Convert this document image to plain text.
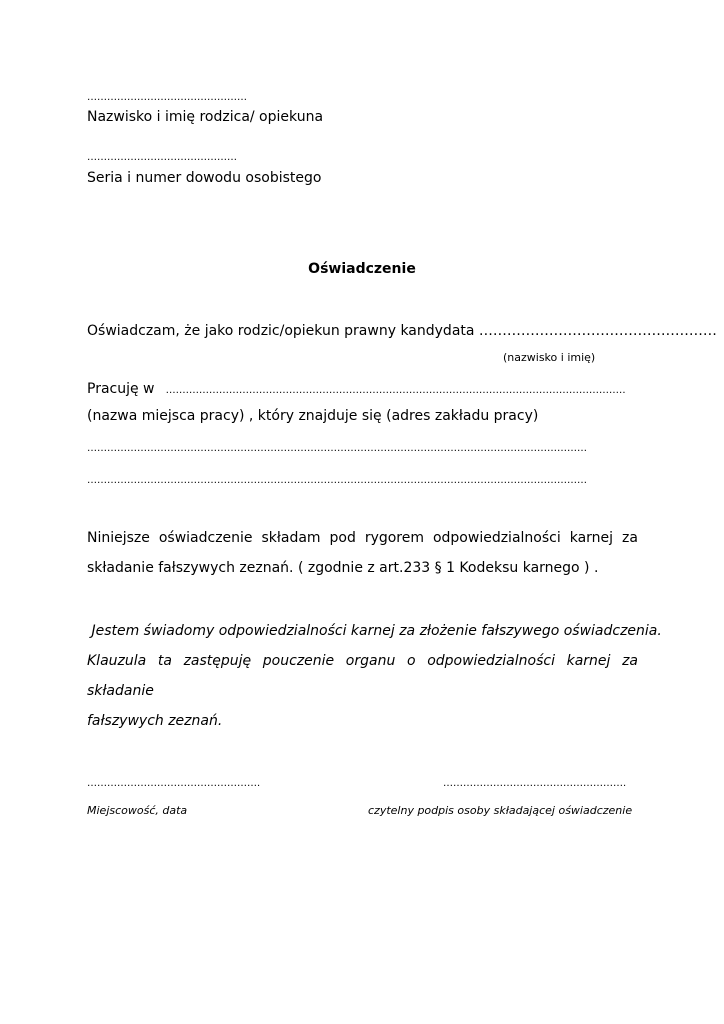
…………………………………………
Nazwisko i imię rodzica/ opiekuna
………………………………………
Seria i numer dowodu osobistego
Oświadczenie
Oświadczam, że jako rodzic/opiekun prawny kandydata ……………………………………………
(nazwisko i imię)
Pracuję w …………………………………………………………………………………………………………………………
(nazwa miejsca pracy) , który znajduje się (adres zakładu pracy)
……………………………………………………………………………………………………………………………………
……………………………………………………………………………………………………………………………………
Niniejsze oświadczenie składam pod rygorem odpowiedzialności karnej za
składanie fałszywych zeznań. ( zgodnie z art.233 § 1 Kodeksu karnego ) .
Jestem świadomy odpowiedzialności karnej za złożenie fałszywego oświadczenia.
Klauzula ta zastępuję pouczenie organu o odpowiedzialności karnej za składanie
fałszywych zeznań.
…………………………………………….	……………………………………………….
Miejscowość, data	czytelny podpis osoby składającej oświadczenie
